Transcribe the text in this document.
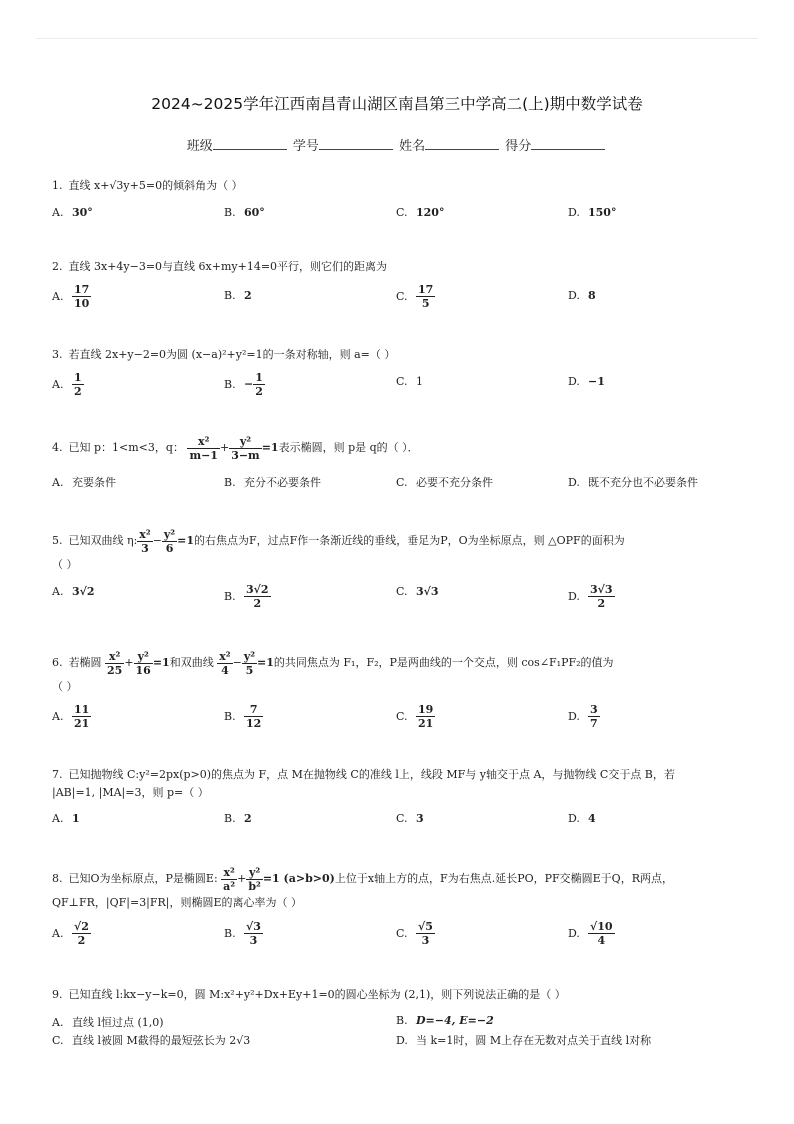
2024~2025学年江西南昌青山湖区南昌第三中学高二(上)期中数学试卷
班级	学号	姓名	得分
1. 直线 x+√3y+5=0的倾斜角为（ ）
A. 30°	B. 60°	C. 120°	D. 150°
2. 直线 3x+4y−3=0与直线 6x+my+14=0平行，则它们的距离为
A. $\frac{17}{10}$	B. 2	C. $\frac{17}{5}$	D. 8
3. 若直线 2x+y−2=0为圆 (x−a)²+y²=1的一条对称轴，则 a=（ ）
A. $\frac{1}{2}$	B. − $\frac{1}{2}$	C. 1	D. −1
4. 已知 p：1<m<3，q： $\frac{\text{x²}}{m-1} + \frac{\text{y²}}{3-m} =1$表示椭圆，则 p是 q的（ ）．
A. 充要条件	B. 充分不必要条件	C. 必要不充分条件	D. 既不充分也不必要条件
5. 已知双曲线 η: $\frac{\text{x²}}{3} - \frac{\text{y²}}{6} =1$的右焦点为F，过点F作一条渐近线的垂线，垂足为P，O为坐标原点，则 △OPF的面积为
（ ）
A. 3√2	B. $\frac{3√2}{2}$	C. 3√3	D. $\frac{3√3}{2}$
6. 若椭圆 $\frac{\text{x²}}{25} + \frac{\text{y²}}{16} =1$和双曲线 $\frac{\text{x²}}{4} - \frac{\text{y²}}{5} =1$的共同焦点为 F₁，F₂，P是两曲线的一个交点，则 cos∠F₁PF₂的值为
（ ）
A. $\frac{11}{21}$	B. $\frac{7}{12}$	C. $\frac{19}{21}$	D. $\frac{3}{7}$
7. 已知抛物线 C:y²=2px(p>0)的焦点为 F，点 M在抛物线 C的准线 l上，线段 MF与 y轴交于点 A，与抛物线 C交于点 B，若
|AB|=1, |MA|=3，则 p=（ ）
A. 1	B. 2	C. 3	D. 4
8. 已知O为坐标原点，P是椭圆E: $\frac{\text{x²}}{\text{a²}} + \frac{\text{y²}}{\text{b²}} =1$ (a>b>0)上位于x轴上方的点，F为右焦点.延长PO，PF交椭圆E于Q，R两点，
QF⊥FR，|QF|=3|FR|，则椭圆E的离心率为（ ）
A. $\frac{√2}{2}$	B. $\frac{√3}{3}$	C. $\frac{√5}{3}$	D. $\frac{√10}{4}$
9. 已知直线 l:kx−y−k=0，圆 M:x²+y²+Dx+Ey+1=0的圆心坐标为 (2,1)，则下列说法正确的是（ ）
A. 直线 l恒过点 (1,0)	B. D=−4, E=−2
C. 直线 l被圆 M截得的最短弦长为 2√3	D. 当 k=1时，圆 M上存在无数对点关于直线 l对称
